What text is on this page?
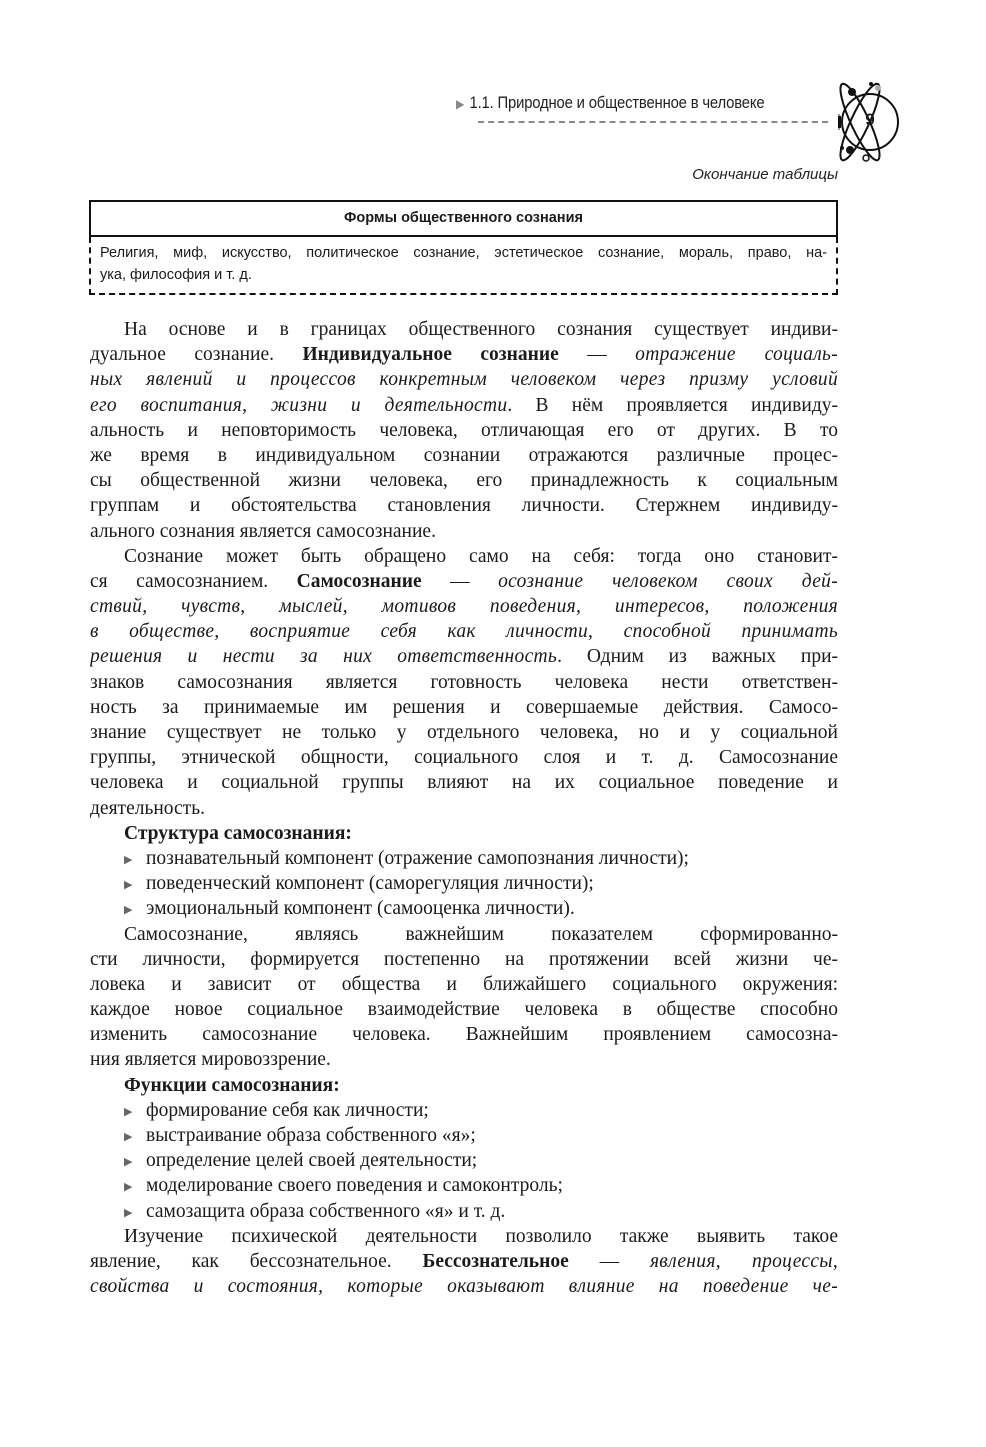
▶ 1.1. Природное и общественное в человеке
9
Окончание таблицы
Формы общественного сознания
Религия, миф, искусство, политическое сознание, эстетическое сознание, мораль, право, на-
ука, философия и т. д.
На основе и в границах общественного сознания существует индиви-
дуальное сознание. Индивидуальное сознание — отражение социаль-
ных явлений и процессов конкретным человеком через призму условий
его воспитания, жизни и деятельности. В нём проявляется индивиду-
альность и неповторимость человека, отличающая его от других. В то
же время в индивидуальном сознании отражаются различные процес-
сы общественной жизни человека, его принадлежность к социальным
группам и обстоятельства становления личности. Стержнем индивиду-
ального сознания является самосознание.
Сознание может быть обращено само на себя: тогда оно становит-
ся самосознанием. Самосознание — осознание человеком своих дей-
ствий, чувств, мыслей, мотивов поведения, интересов, положения
в обществе, восприятие себя как личности, способной принимать
решения и нести за них ответственность. Одним из важных при-
знаков самосознания является готовность человека нести ответствен-
ность за принимаемые им решения и совершаемые действия. Самосо-
знание существует не только у отдельного человека, но и у социальной
группы, этнической общности, социального слоя и т. д. Самосознание
человека и социальной группы влияют на их социальное поведение и
деятельность.
Структура самосознания:
▶ познавательный компонент (отражение самопознания личности);
▶ поведенческий компонент (саморегуляция личности);
▶ эмоциональный компонент (самооценка личности).
Самосознание, являясь важнейшим показателем сформированно-
сти личности, формируется постепенно на протяжении всей жизни че-
ловека и зависит от общества и ближайшего социального окружения:
каждое новое социальное взаимодействие человека в обществе способно
изменить самосознание человека. Важнейшим проявлением самосозна-
ния является мировоззрение.
Функции самосознания:
▶ формирование себя как личности;
▶ выстраивание образа собственного «я»;
▶ определение целей своей деятельности;
▶ моделирование своего поведения и самоконтроль;
▶ самозащита образа собственного «я» и т. д.
Изучение психической деятельности позволило также выявить такое
явление, как бессознательное. Бессознательное — явления, процессы,
свойства и состояния, которые оказывают влияние на поведение че-
